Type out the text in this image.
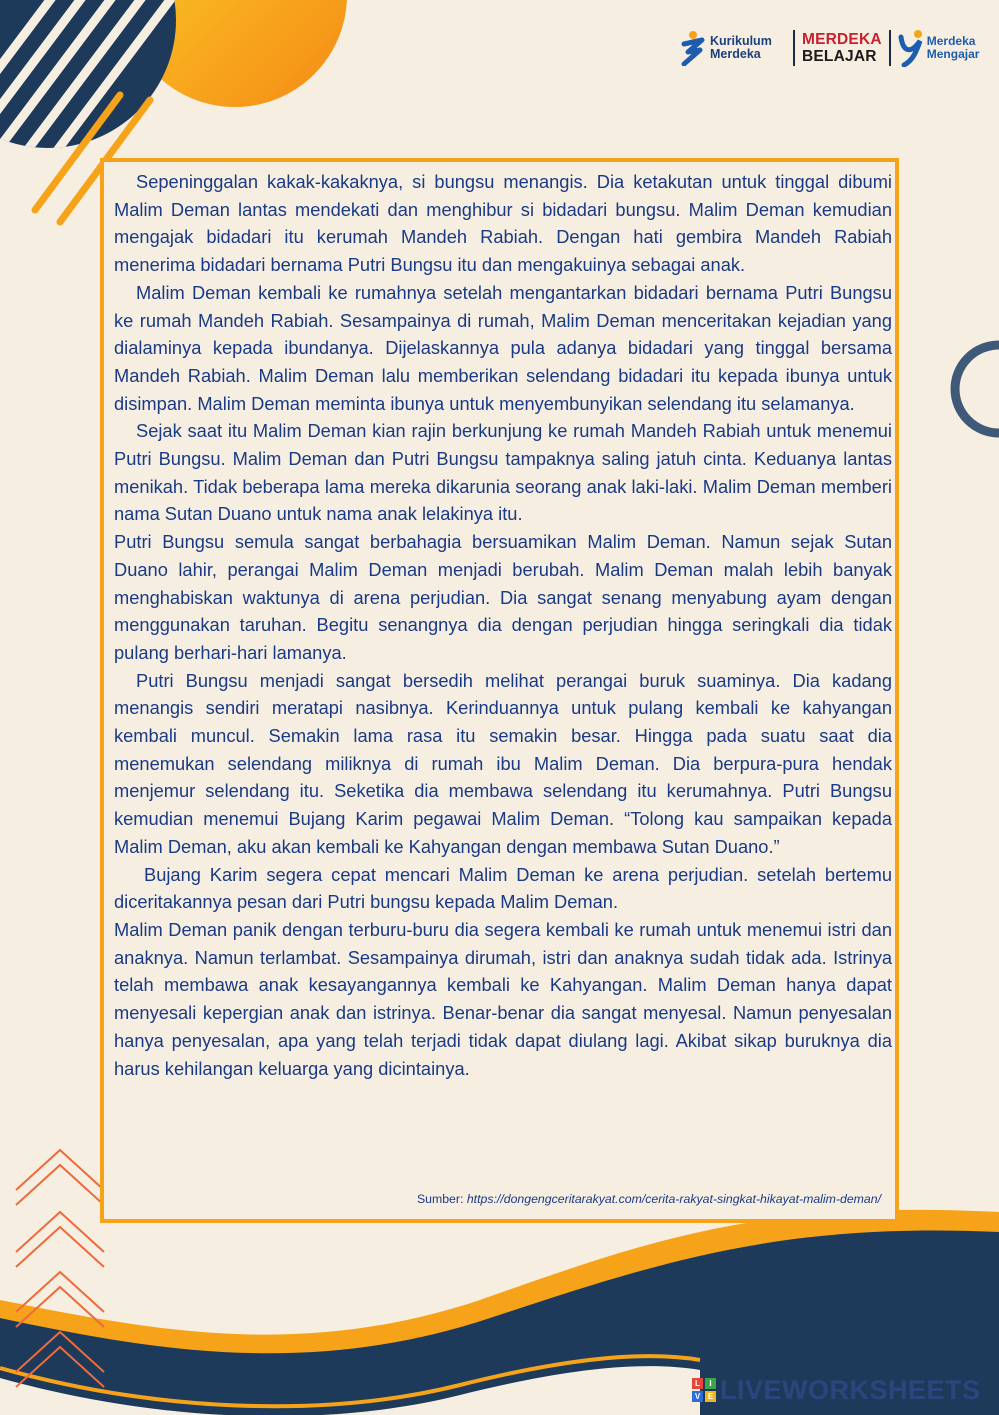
Kurikulum
Merdeka
MERDEKA
BELAJAR
Merdeka
Mengajar

Sepeninggalan kakak-kakaknya, si bungsu menangis. Dia ketakutan untuk tinggal dibumi Malim Deman lantas mendekati dan menghibur si bidadari bungsu. Malim Deman kemudian mengajak bidadari itu kerumah Mandeh Rabiah. Dengan hati gembira Mandeh Rabiah menerima bidadari bernama Putri Bungsu itu dan mengakuinya sebagai anak.

Malim Deman kembali ke rumahnya setelah mengantarkan bidadari bernama Putri Bungsu ke rumah Mandeh Rabiah. Sesampainya di rumah, Malim Deman menceritakan kejadian yang dialaminya kepada ibundanya. Dijelaskannya pula adanya bidadari yang tinggal bersama Mandeh Rabiah. Malim Deman lalu memberikan selendang bidadari itu kepada ibunya untuk disimpan. Malim Deman meminta ibunya untuk menyembunyikan selendang itu selamanya.

Sejak saat itu Malim Deman kian rajin berkunjung ke rumah Mandeh Rabiah untuk menemui Putri Bungsu. Malim Deman dan Putri Bungsu tampaknya saling jatuh cinta. Keduanya lantas menikah. Tidak beberapa lama mereka dikarunia seorang anak laki-laki. Malim Deman memberi nama Sutan Duano untuk nama anak lelakinya itu.

Putri Bungsu semula sangat berbahagia bersuamikan Malim Deman. Namun sejak Sutan Duano lahir, perangai Malim Deman menjadi berubah. Malim Deman malah lebih banyak menghabiskan waktunya di arena perjudian. Dia sangat senang menyabung ayam dengan menggunakan taruhan. Begitu senangnya dia dengan perjudian hingga seringkali dia tidak pulang berhari-hari lamanya.

Putri Bungsu menjadi sangat bersedih melihat perangai buruk suaminya. Dia kadang menangis sendiri meratapi nasibnya. Kerinduannya untuk pulang kembali ke kahyangan kembali muncul. Semakin lama rasa itu semakin besar. Hingga pada suatu saat dia menemukan selendang miliknya di rumah ibu Malim Deman. Dia berpura-pura hendak menjemur selendang itu. Seketika dia membawa selendang itu kerumahnya. Putri Bungsu kemudian menemui Bujang Karim pegawai Malim Deman. “Tolong kau sampaikan kepada Malim Deman, aku akan kembali ke Kahyangan dengan membawa Sutan Duano.”

Bujang Karim segera cepat mencari Malim Deman ke arena perjudian. setelah bertemu diceritakannya pesan dari Putri bungsu kepada Malim Deman.

Malim Deman panik dengan terburu-buru dia segera kembali ke rumah untuk menemui istri dan anaknya. Namun terlambat. Sesampainya dirumah, istri dan anaknya sudah tidak ada. Istrinya telah membawa anak kesayangannya kembali ke Kahyangan. Malim Deman hanya dapat menyesali kepergian anak dan istrinya. Benar-benar dia sangat menyesal. Namun penyesalan hanya penyesalan, apa yang telah terjadi tidak dapat diulang lagi. Akibat sikap buruknya dia harus kehilangan keluarga yang dicintainya.

Sumber: https://dongengceritarakyat.com/cerita-rakyat-singkat-hikayat-malim-deman/
L	I
V E LIVEWORKSHEETS
